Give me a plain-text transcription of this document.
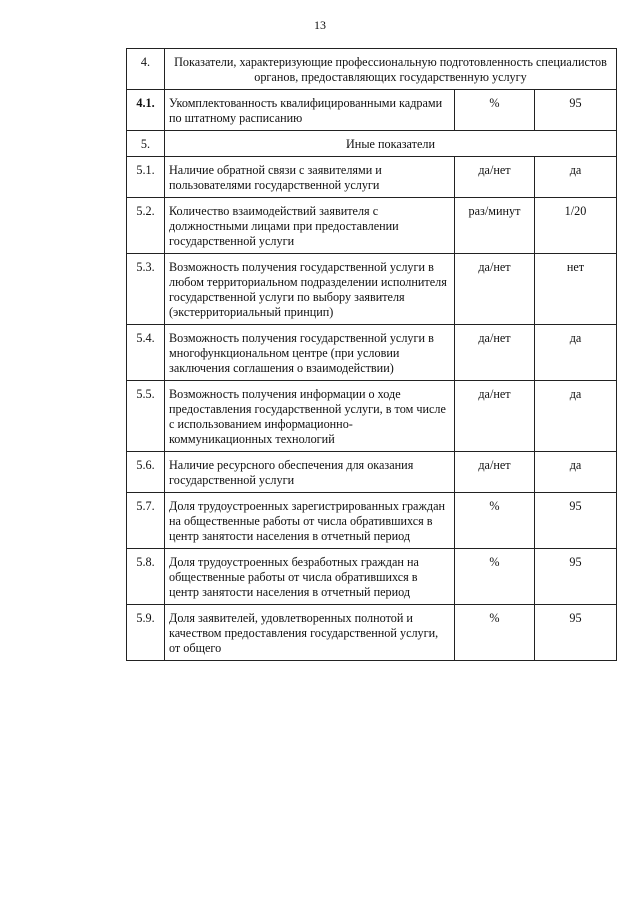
13
4.	Показатели, характеризующие профессиональную подготовленность специалистов органов, предоставляющих государственную услугу		
4.1.	Укомплектованность квалифицированными кадрами по штатному расписанию	%	95
5.	Иные показатели		
5.1.	Наличие обратной связи с заявителями и пользователями государственной услуги	да/нет	да
5.2.	Количество взаимодействий заявителя с должностными лицами при предоставлении государственной услуги	раз/минут	1/20
5.3.	Возможность получения государственной услуги в любом территориальном подразделении исполнителя государственной услуги по выбору заявителя (экстерриториальный принцип)	да/нет	нет
5.4.	Возможность получения государственной услуги в многофункциональном центре (при условии заключения соглашения о взаимодействии)	да/нет	да
5.5.	Возможность получения информации о ходе предоставления государственной услуги, в том числе с использованием информационно-коммуникационных технологий	да/нет	да
5.6.	Наличие ресурсного обеспечения для оказания государственной услуги	да/нет	да
5.7.	Доля трудоустроенных зарегистрированных граждан на общественные работы от числа обратившихся в центр занятости населения в отчетный период	%	95
5.8.	Доля трудоустроенных безработных граждан на общественные работы от числа обратившихся в центр занятости населения в отчетный период	%	95
5.9.	Доля заявителей, удовлетворенных полнотой и качеством предоставления государственной услуги, от общего	%	95
